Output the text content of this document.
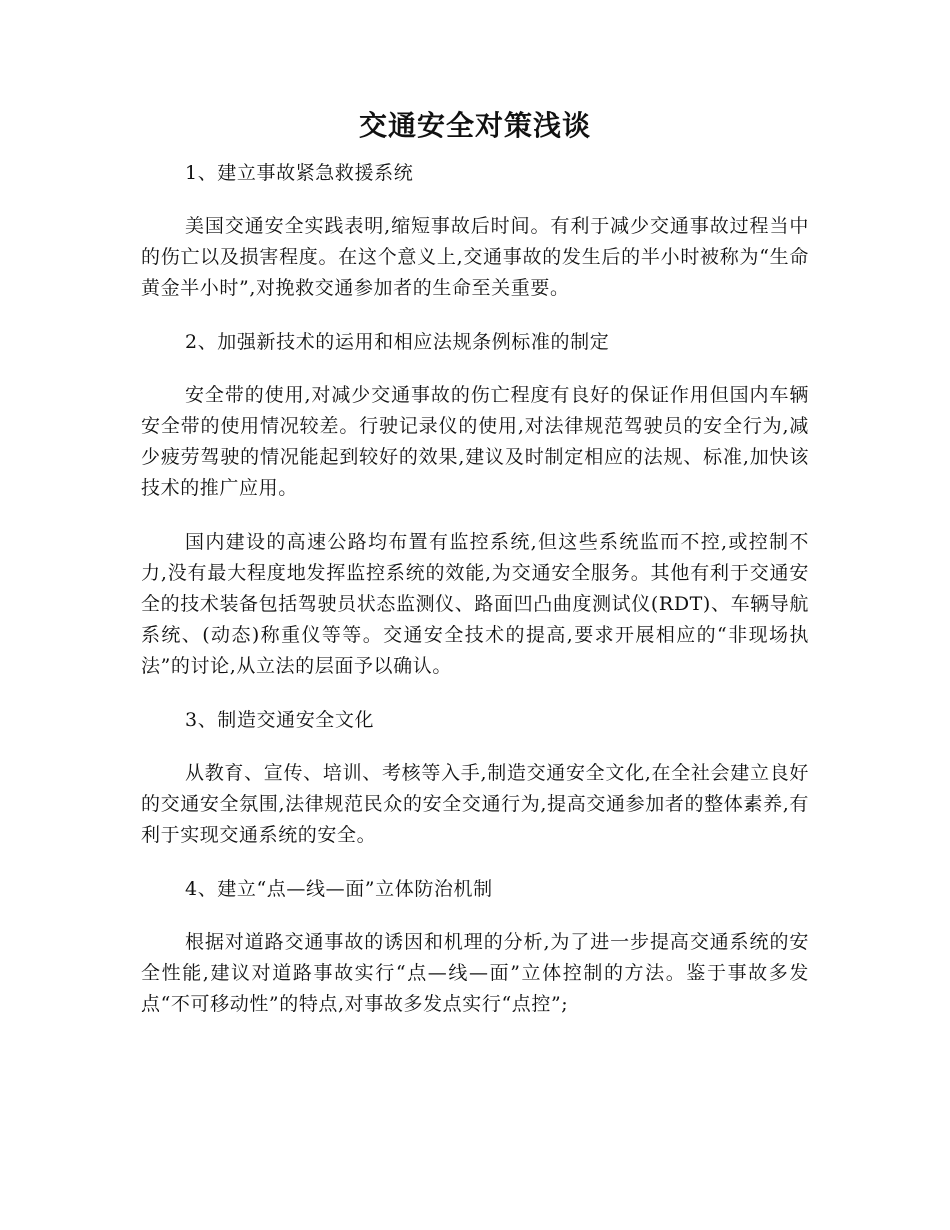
交通安全对策浅谈

1、建立事故紧急救援系统

美国交通安全实践表明,缩短事故后时间。有利于减少交通事故过程当中的伤亡以及损害程度。在这个意义上,交通事故的发生后的半小时被称为“生命黄金半小时”,对挽救交通参加者的生命至关重要。

2、加强新技术的运用和相应法规条例标准的制定

安全带的使用,对减少交通事故的伤亡程度有良好的保证作用但国内车辆安全带的使用情况较差。行驶记录仪的使用,对法律规范驾驶员的安全行为,减少疲劳驾驶的情况能起到较好的效果,建议及时制定相应的法规、标准,加快该技术的推广应用。

国内建设的高速公路均布置有监控系统,但这些系统监而不控,或控制不力,没有最大程度地发挥监控系统的效能,为交通安全服务。其他有利于交通安全的技术装备包括驾驶员状态监测仪、路面凹凸曲度测试仪(RDT)、车辆导航系统、(动态)称重仪等等。交通安全技术的提高,要求开展相应的“非现场执法”的讨论,从立法的层面予以确认。

3、制造交通安全文化

从教育、宣传、培训、考核等入手,制造交通安全文化,在全社会建立良好的交通安全氛围,法律规范民众的安全交通行为,提高交通参加者的整体素养,有利于实现交通系统的安全。

4、建立“点—线—面”立体防治机制

根据对道路交通事故的诱因和机理的分析,为了进一步提高交通系统的安全性能,建议对道路事故实行“点—线—面”立体控制的方法。鉴于事故多发点“不可移动性”的特点,对事故多发点实行“点控”;
